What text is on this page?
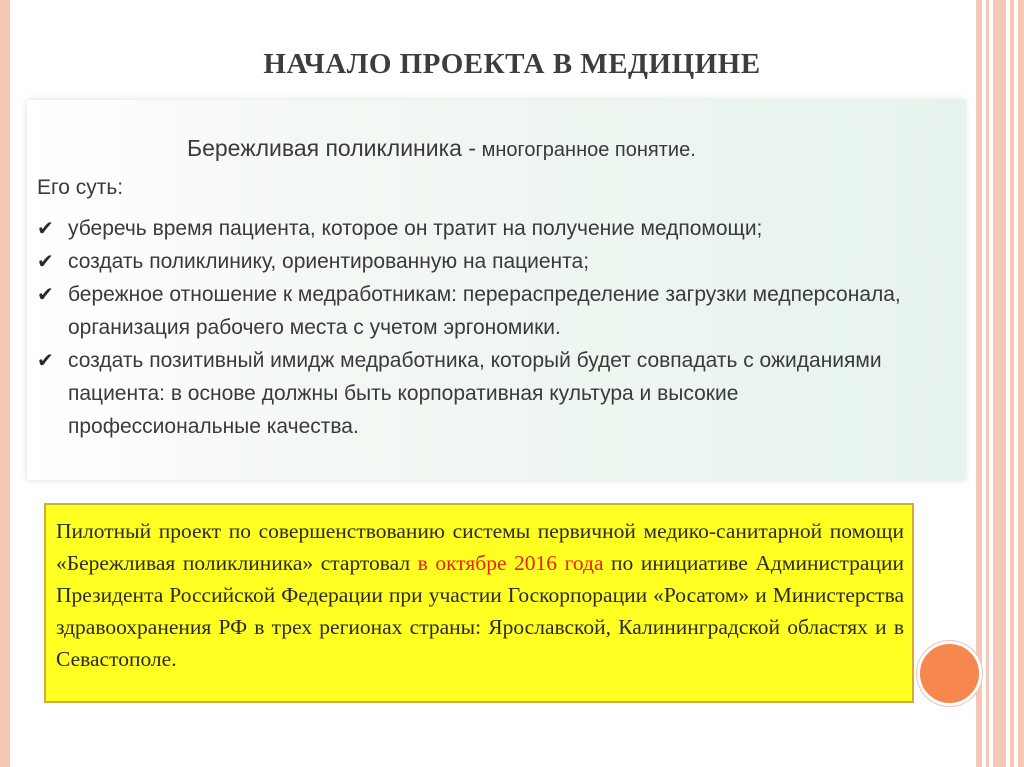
НАЧАЛО ПРОЕКТА В МЕДИЦИНЕ
Бережливая поликлиника - многогранное понятие.
Его суть:
✔ уберечь время пациента, которое он тратит на получение медпомощи;
✔ создать поликлинику, ориентированную на пациента;
✔ бережное отношение к медработникам: перераспределение загрузки медперсонала, организация рабочего места с учетом эргономики.
✔ создать позитивный имидж медработника, который будет совпадать с ожиданиями пациента: в основе должны быть корпоративная культура и высокие профессиональные качества.
Пилотный проект по совершенствованию системы первичной медико-санитарной помощи «Бережливая поликлиника» стартовал в октябре 2016 года по инициативе Администрации Президента Российской Федерации при участии Госкорпорации «Росатом» и Министерства здравоохранения РФ в трех регионах страны: Ярославской, Калининградской областях и в Севастополе.
